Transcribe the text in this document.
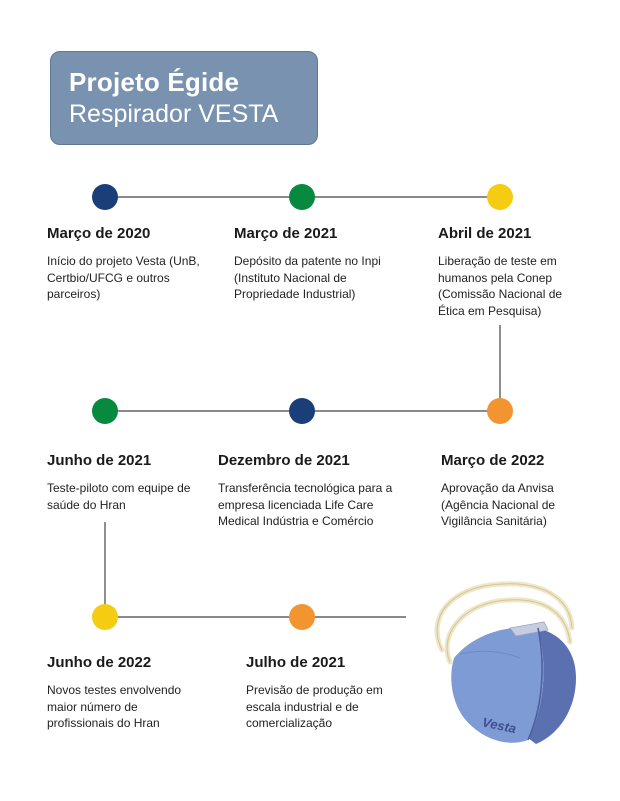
Projeto Égide
Respirador VESTA
Março de 2020
Início do projeto Vesta (UnB, Certbio/UFCG e outros parceiros)
Março de 2021
Depósito da patente no Inpi (Instituto Nacional de Propriedade Industrial)
Abril de 2021
Liberação de teste em humanos pela Conep (Comissão Nacional de Ética em Pesquisa)
Junho de 2021
Teste-piloto com equipe de saúde do Hran
Dezembro de 2021
Transferência tecnológica para a empresa licenciada Life Care Medical Indústria e Comércio
Março de 2022
Aprovação da Anvisa (Agência Nacional de Vigilância Sanitária)
Junho de 2022
Novos testes envolvendo maior número de profissionais do Hran
Julho de 2021
Previsão de produção em escala industrial e de comercialização	Vesta
